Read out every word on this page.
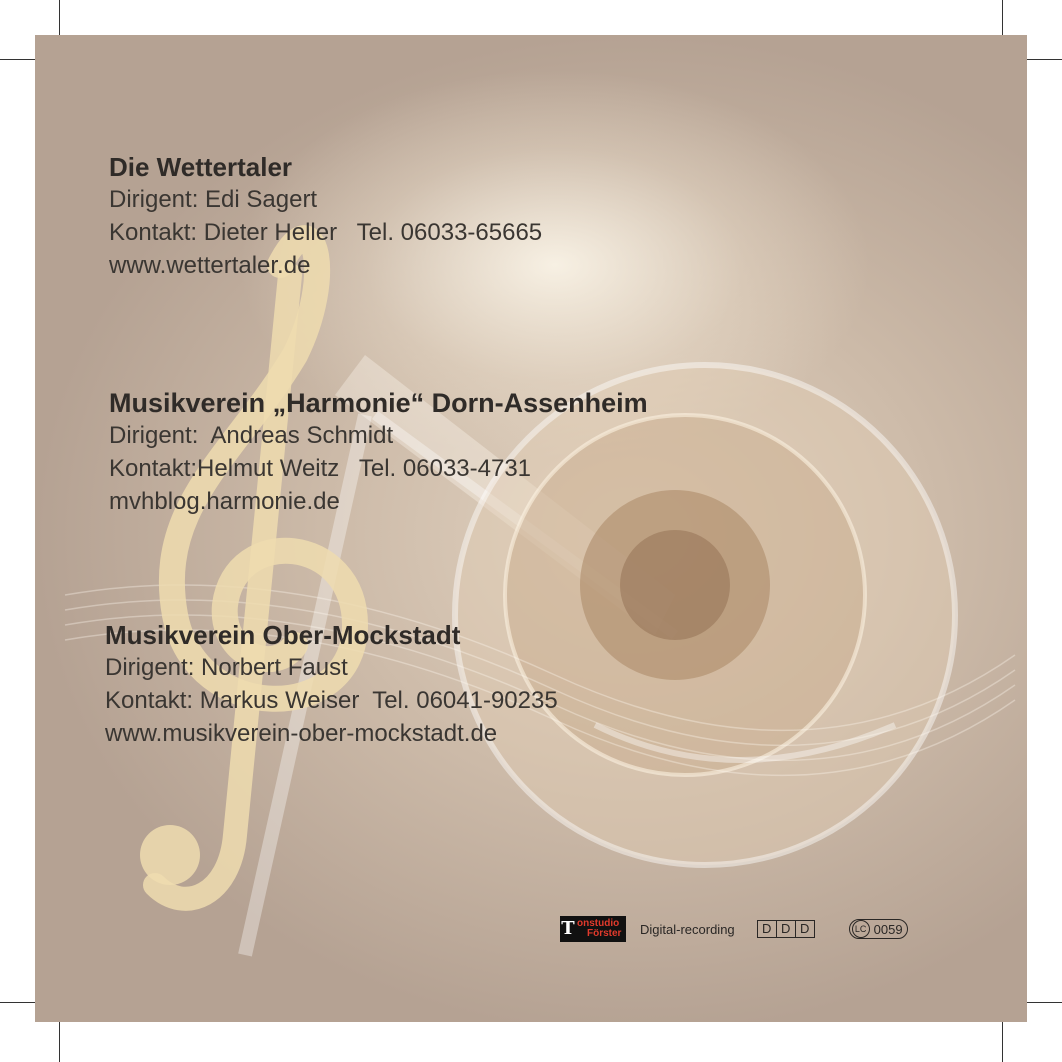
Die Wettertaler
Dirigent: Edi Sagert
Kontakt: Dieter Heller   Tel. 06033-65665
www.wettertaler.de
Musikverein „Harmonie“ Dorn-Assenheim
Dirigent:  Andreas Schmidt
Kontakt:Helmut Weitz   Tel. 06033-4731
mvhblog.harmonie.de
Musikverein Ober-Mockstadt
Dirigent: Norbert Faust
Kontakt: Markus Weiser  Tel. 06041-90235
www.musikverein-ober-mockstadt.de
T onstudio
Förster Digital-recording	D D D	LC 0059
